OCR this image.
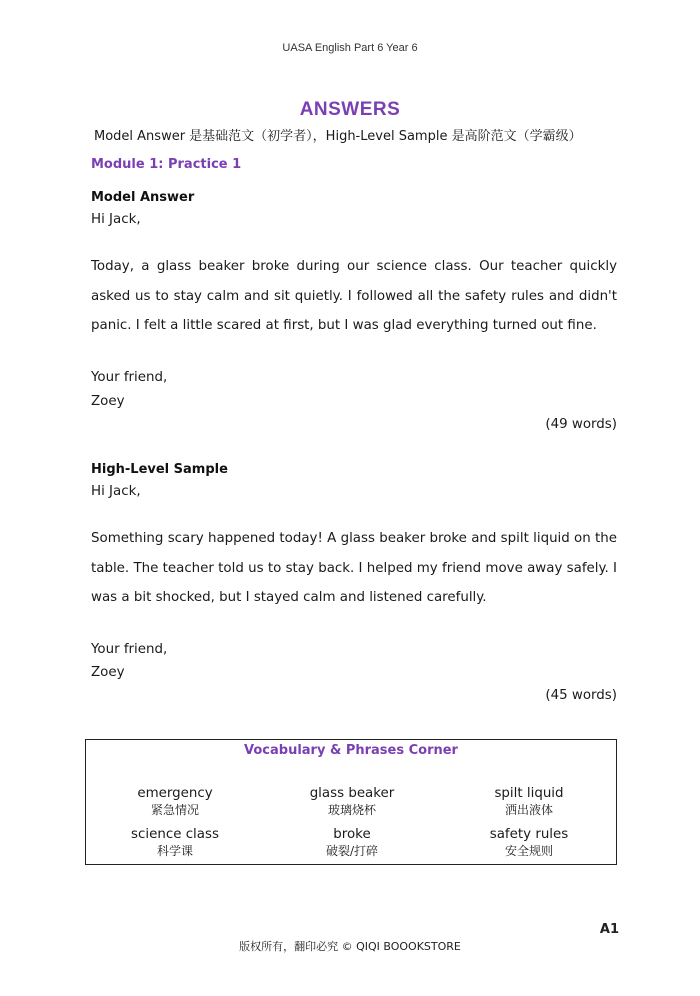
UASA English Part 6 Year 6
ANSWERS
Model Answer 是基础范文（初学者），High-Level Sample 是高阶范文（学霸级）
Module 1: Practice 1
Model Answer
Hi Jack,
Today, a glass beaker broke during our science class. Our teacher quickly asked us to stay calm and sit quietly. I followed all the safety rules and didn't panic. I felt a little scared at first, but I was glad everything turned out fine.
Your friend,
Zoey
(49 words)
High-Level Sample
Hi Jack,
Something scary happened today! A glass beaker broke and spilt liquid on the table. The teacher told us to stay back. I helped my friend move away safely. I was a bit shocked, but I stayed calm and listened carefully.
Your friend,
Zoey
(45 words)
Vocabulary & Phrases Corner
emergency
紧急情况
glass beaker
玻璃烧杯
spilt liquid
洒出液体
science class
科学课
broke
破裂/打碎
safety rules
安全规则
A1
版权所有，翻印必究 © QIQI BOOOKSTORE
